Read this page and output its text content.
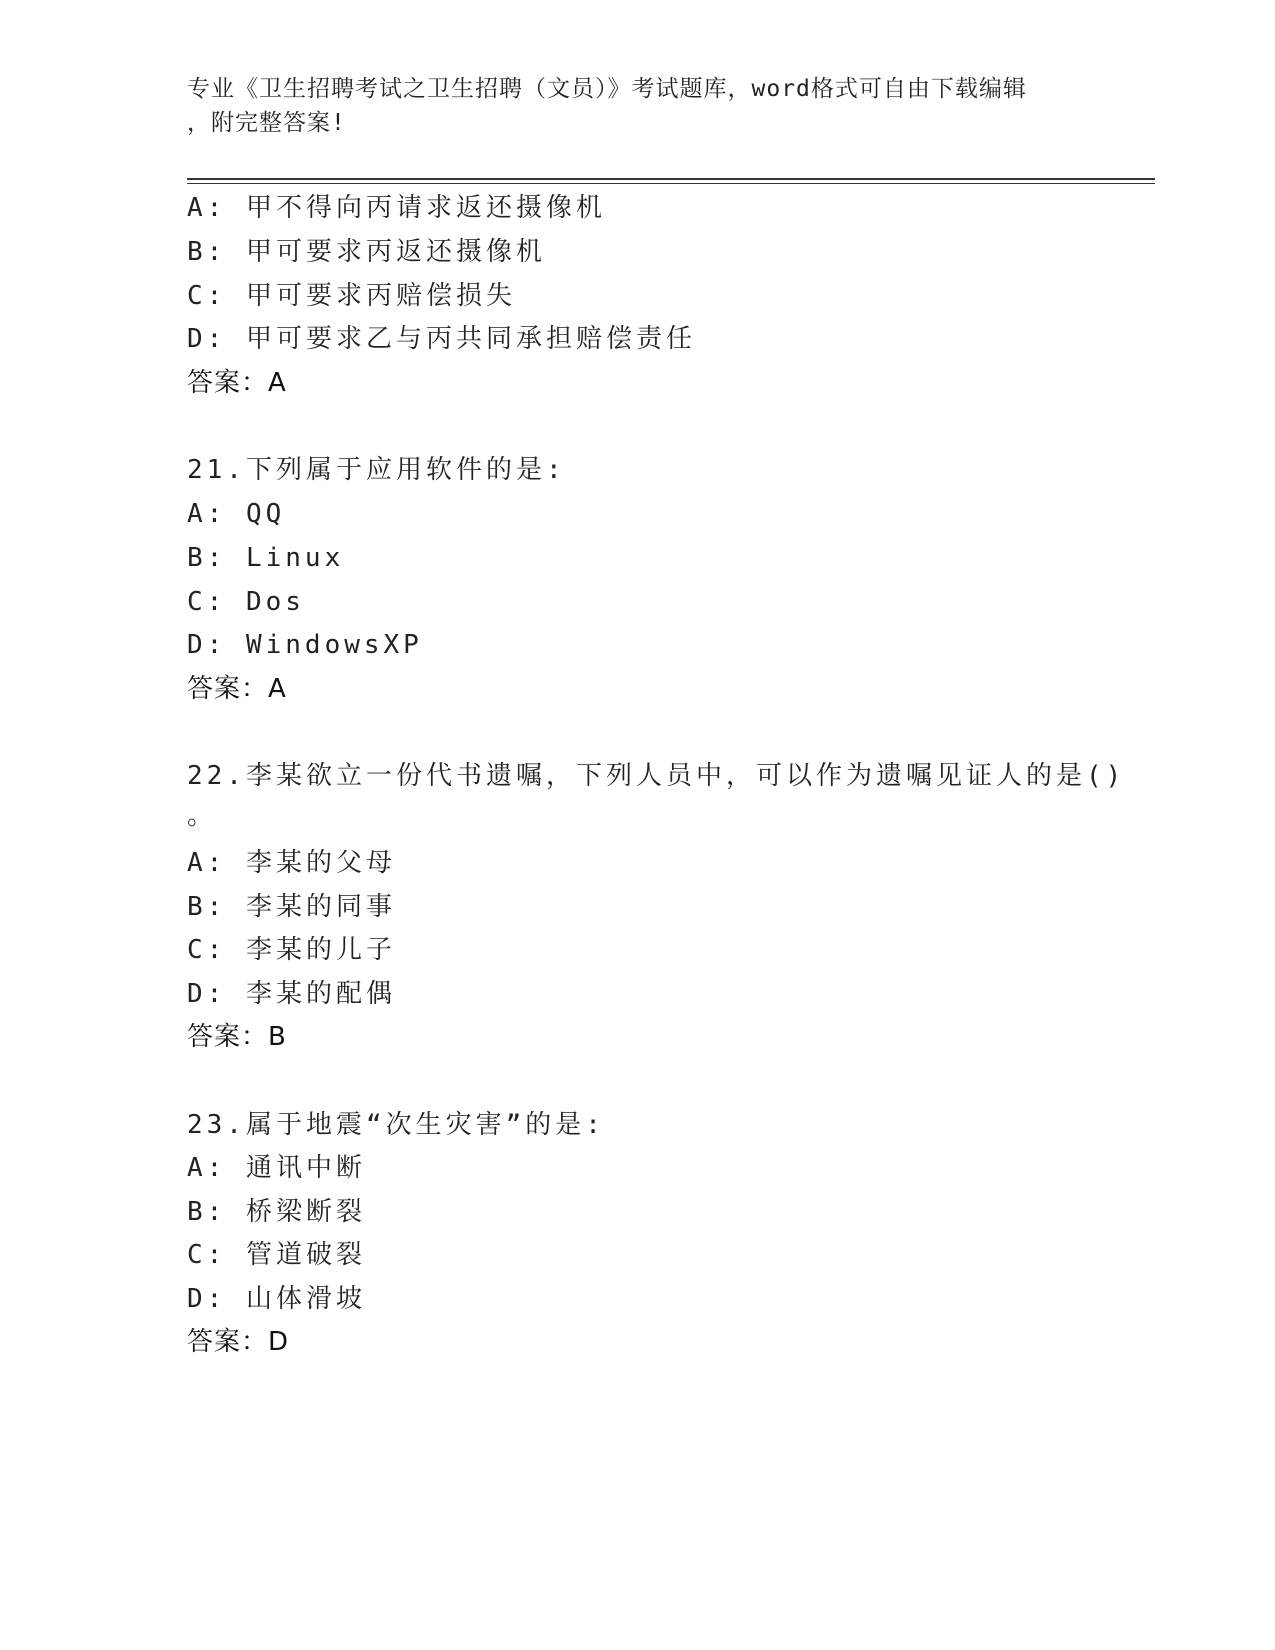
专业《卫生招聘考试之卫生招聘（文员）》考试题库，word格式可自由下载编辑
，附完整答案!
A: 甲不得向丙请求返还摄像机
B: 甲可要求丙返还摄像机
C: 甲可要求丙赔偿损失
D: 甲可要求乙与丙共同承担赔偿责任
答案：A
21.下列属于应用软件的是:
A: QQ
B: Linux
C: Dos
D: WindowsXP
答案：A
22.李某欲立一份代书遗嘱，下列人员中，可以作为遗嘱见证人的是()
。
A: 李某的父母
B: 李某的同事
C: 李某的儿子
D: 李某的配偶
答案：B
23.属于地震“次生灾害”的是:
A: 通讯中断
B: 桥梁断裂
C: 管道破裂
D: 山体滑坡
答案：D
